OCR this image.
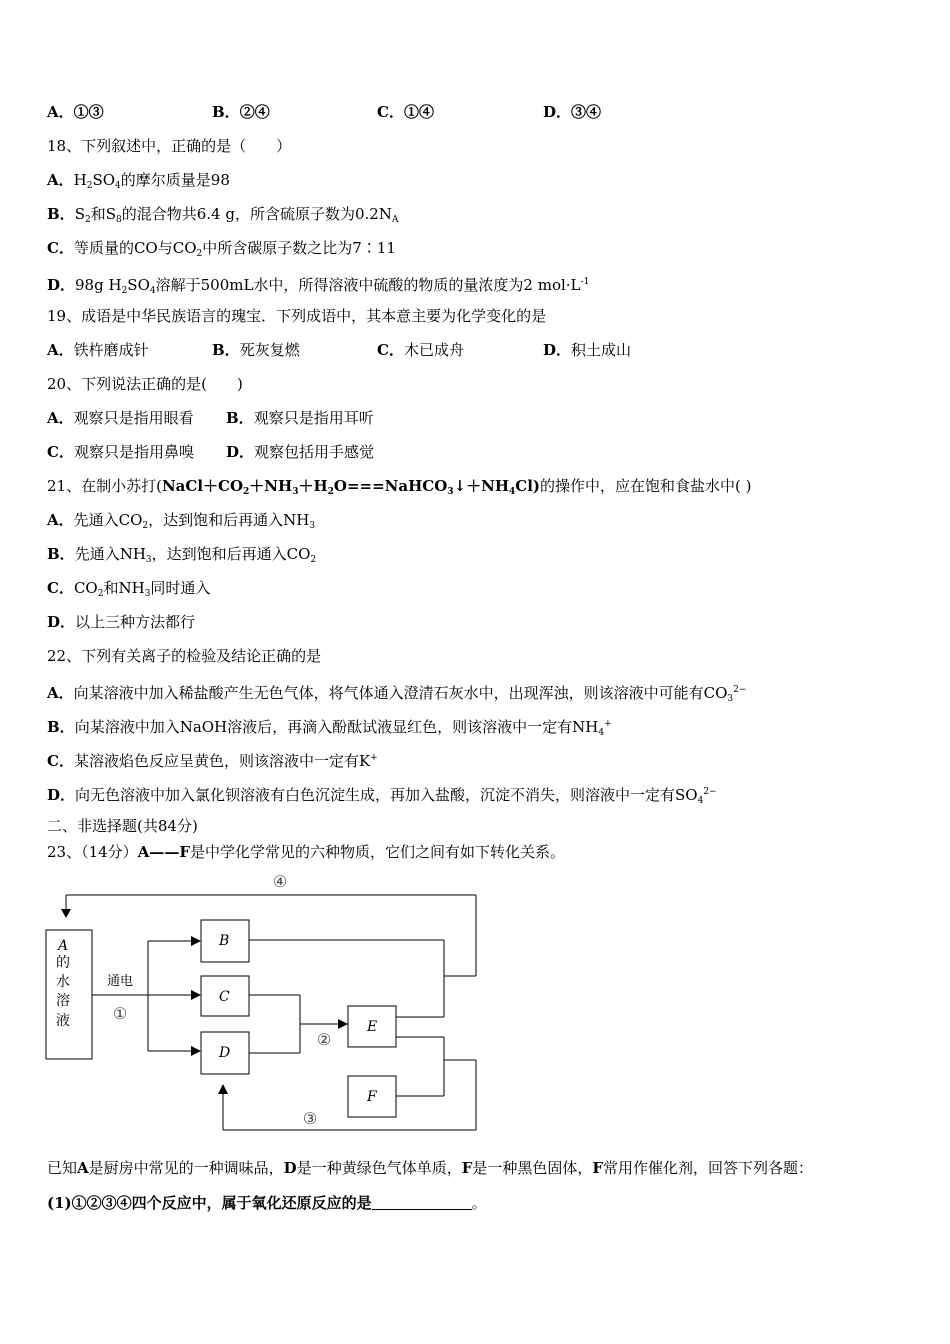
A．①③	B．②④	C．①④	D．③④
18、下列叙述中，正确的是（　　）
A．$H_2SO_4$的摩尔质量是98
B．$S_2$和$S_8$的混合物共6.4 g，所含硫原子数为$0.2N_A$
C．等质量的CO与$CO_2$中所含碳原子数之比为7∶11
D．98g $H_2SO_4$溶解于500mL水中，所得溶液中硫酸的物质的量浓度为2 $mol\cdot L^{-1}$
19、成语是中华民族语言的瑰宝．下列成语中，其本意主要为化学变化的是
A．铁杵磨成针	B．死灰复燃	C．木已成舟	D．积土成山
20、下列说法正确的是(　　)
A．观察只是指用眼看 B．观察只是指用耳听
C．观察只是指用鼻嗅 D．观察包括用手感觉
21、在制小苏打$(NaCl+CO_2+NH_3+H_2O===NaHCO_3↓+NH_4Cl)$的操作中，应在饱和食盐水中( )
A．先通入$CO_2$，达到饱和后再通入$NH_3$
B．先通入$NH_3$，达到饱和后再通入$CO_2$
C．$CO_2$和$NH_3$同时通入
D．以上三种方法都行
22、下列有关离子的检验及结论正确的是
A．向某溶液中加入稀盐酸产生无色气体，将气体通入澄清石灰水中，出现浑浊，则该溶液中可能有$CO_3^{2-}$
B．向某溶液中加入NaOH溶液后，再滴入酚酞试液显红色，则该溶液中一定有$NH_4^+$
C．某溶液焰色反应呈黄色，则该溶液中一定有K+
D．向无色溶液中加入氯化钡溶液有白色沉淀生成，再加入盐酸，沉淀不消失，则溶液中一定有$SO_4^{2-}$
二、非选择题(共84分)
23、（14分）A——F是中学化学常见的六种物质，它们之间有如下转化关系。
A
的
水
溶
液
通电
①
②
③
④
B
C
D
E
F
已知A是厨房中常见的一种调味品，D是一种黄绿色气体单质，F是一种黑色固体，F常用作催化剂，回答下列各题：
(1)①②③④四个反应中，属于氧化还原反应的是	。
